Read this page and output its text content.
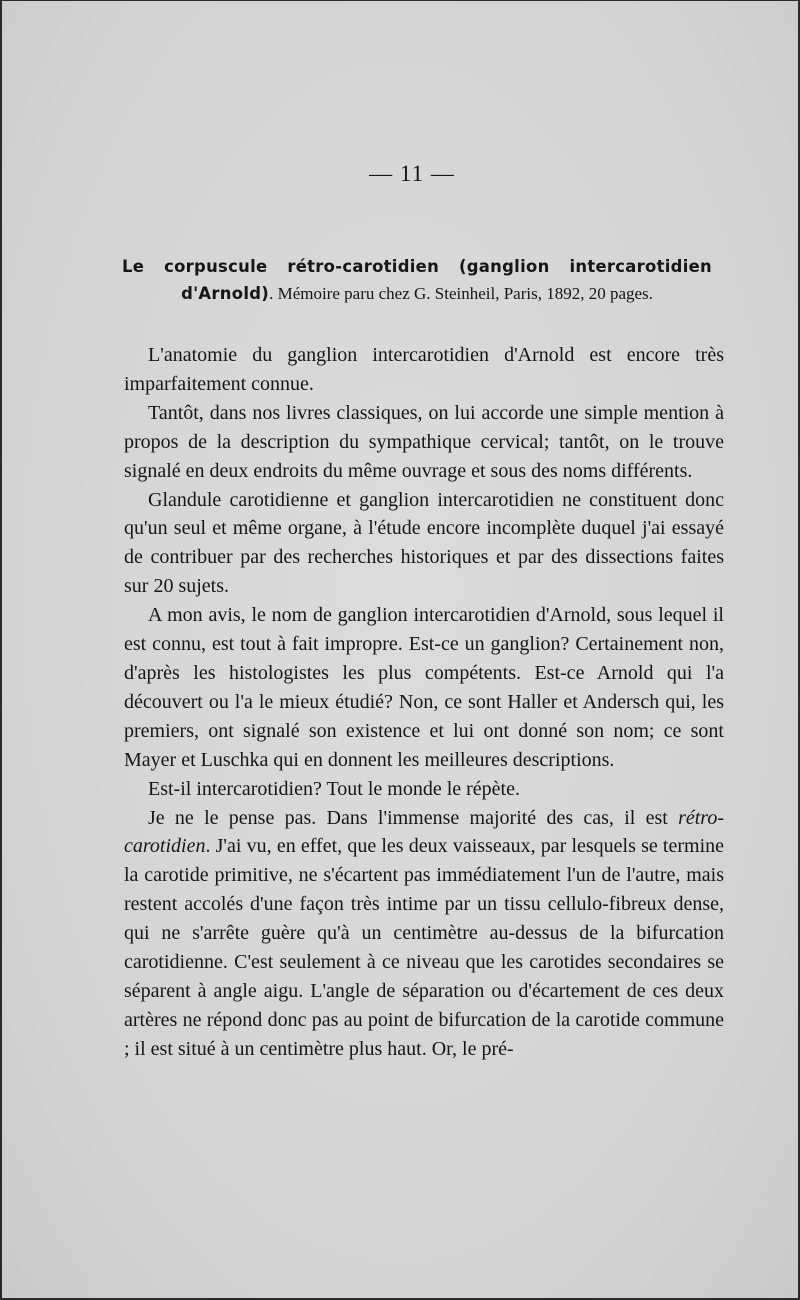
— 11 —
Le corpuscule rétro-carotidien (ganglion intercarotidien d'Arnold). Mémoire paru chez G. Steinheil, Paris, 1892, 20 pages.

L'anatomie du ganglion intercarotidien d'Arnold est encore très imparfaitement connue.

Tantôt, dans nos livres classiques, on lui accorde une simple mention à propos de la description du sympathique cervical; tantôt, on le trouve signalé en deux endroits du même ouvrage et sous des noms différents.

Glandule carotidienne et ganglion intercarotidien ne constituent donc qu'un seul et même organe, à l'étude encore incomplète duquel j'ai essayé de contribuer par des recherches historiques et par des dissections faites sur 20 sujets.

A mon avis, le nom de ganglion intercarotidien d'Arnold, sous lequel il est connu, est tout à fait impropre. Est-ce un ganglion? Certainement non, d'après les histologistes les plus compétents. Est-ce Arnold qui l'a découvert ou l'a le mieux étudié? Non, ce sont Haller et Andersch qui, les premiers, ont signalé son existence et lui ont donné son nom; ce sont Mayer et Luschka qui en donnent les meilleures descriptions.

Est-il intercarotidien? Tout le monde le répète.

Je ne le pense pas. Dans l'immense majorité des cas, il est rétro-carotidien. J'ai vu, en effet, que les deux vaisseaux, par lesquels se termine la carotide primitive, ne s'écartent pas immédiatement l'un de l'autre, mais restent accolés d'une façon très intime par un tissu cellulo-fibreux dense, qui ne s'arrête guère qu'à un centimètre au-dessus de la bifurcation carotidienne. C'est seulement à ce niveau que les carotides secondaires se séparent à angle aigu. L'angle de séparation ou d'écartement de ces deux artères ne répond donc pas au point de bifurcation de la carotide commune ; il est situé à un centimètre plus haut. Or, le pré-
